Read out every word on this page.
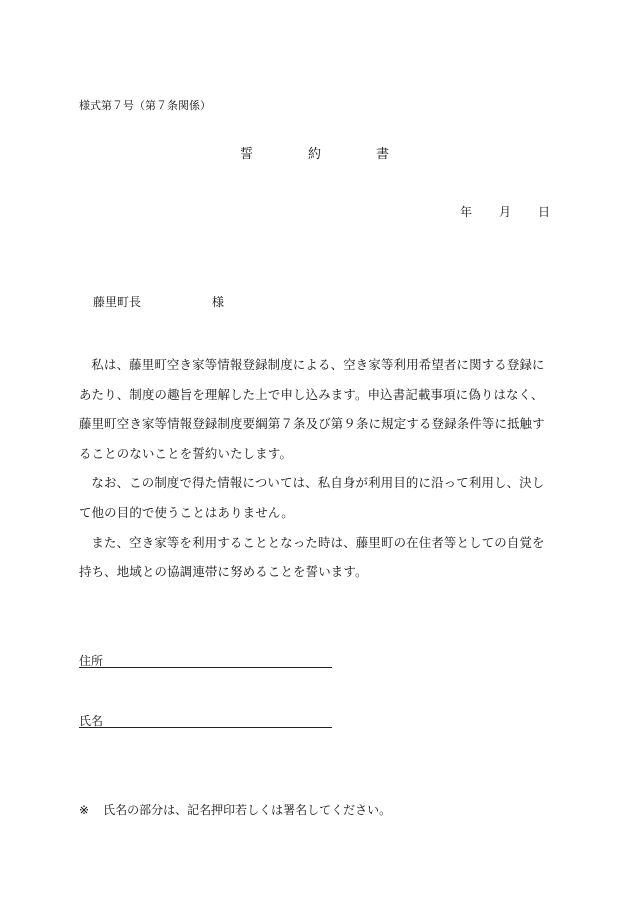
様式第７号（第７条関係）
誓	約	書
年 月 日
藤里町長	様

私は、藤里町空き家等情報登録制度による、空き家等利用希望者に関する登録にあたり、制度の趣旨を理解した上で申し込みます。申込書記載事項に偽りはなく、藤里町空き家等情報登録制度要綱第７条及び第９条に規定する登録条件等に抵触することのないことを誓約いたします。

なお、この制度で得た情報については、私自身が利用目的に沿って利用し、決して他の目的で使うことはありません。

また、空き家等を利用することとなった時は、藤里町の在住者等としての自覚を持ち、地域との協調連帯に努めることを誓います。

住所
氏名
※ 氏名の部分は、記名押印若しくは署名してください。
